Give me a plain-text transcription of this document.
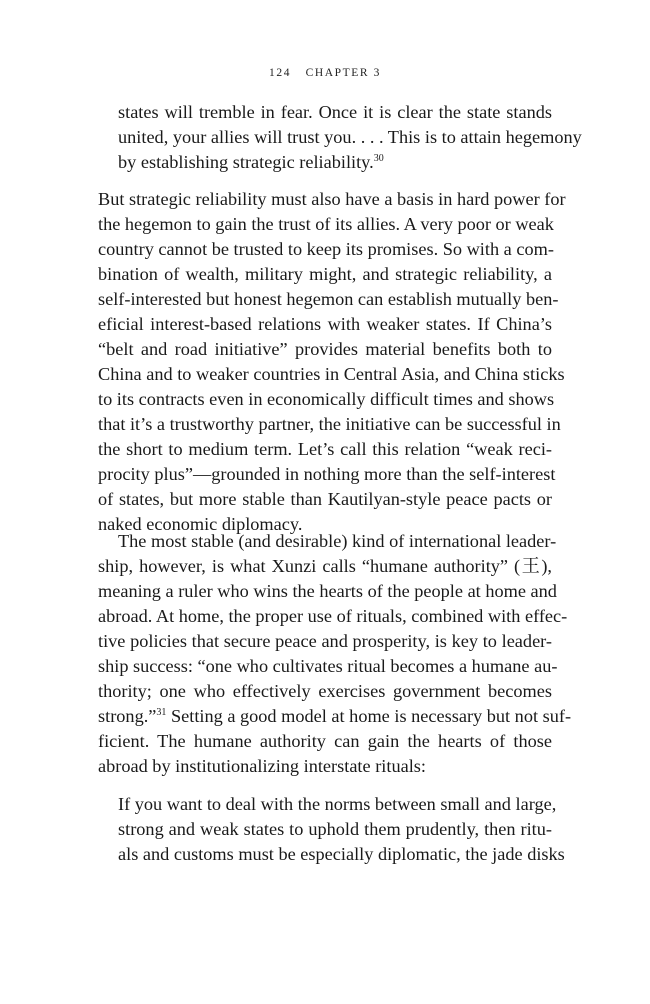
124 CHAPTER 3
states will tremble in fear. Once it is clear the state stands
united, your allies will trust you. . . . This is to attain hegemony
by establishing strategic reliability.$^{30}$
But strategic reliability must also have a basis in hard power for
the hegemon to gain the trust of its allies. A very poor or weak
country cannot be trusted to keep its promises. So with a com-
bination of wealth, military might, and strategic reliability, a
self-interested but honest hegemon can establish mutually ben-
eficial interest-based relations with weaker states. If China’s
“belt and road initiative” provides material benefits both to
China and to weaker countries in Central Asia, and China sticks
to its contracts even in economically difficult times and shows
that it’s a trustworthy partner, the initiative can be successful in
the short to medium term. Let’s call this relation “weak reci-
procity plus”—grounded in nothing more than the self-interest
of states, but more stable than Kautilyan-style peace pacts or
naked economic diplomacy.
The most stable (and desirable) kind of international leader-
ship, however, is what Xunzi calls “humane authority” (王),
meaning a ruler who wins the hearts of the people at home and
abroad. At home, the proper use of rituals, combined with effec-
tive policies that secure peace and prosperity, is key to leader-
ship success: “one who cultivates ritual becomes a humane au-
thority; one who effectively exercises government becomes
strong.”$^{31}$ Setting a good model at home is necessary but not suf-
ficient. The humane authority can gain the hearts of those
abroad by institutionalizing interstate rituals:
If you want to deal with the norms between small and large,
strong and weak states to uphold them prudently, then ritu-
als and customs must be especially diplomatic, the jade disks
